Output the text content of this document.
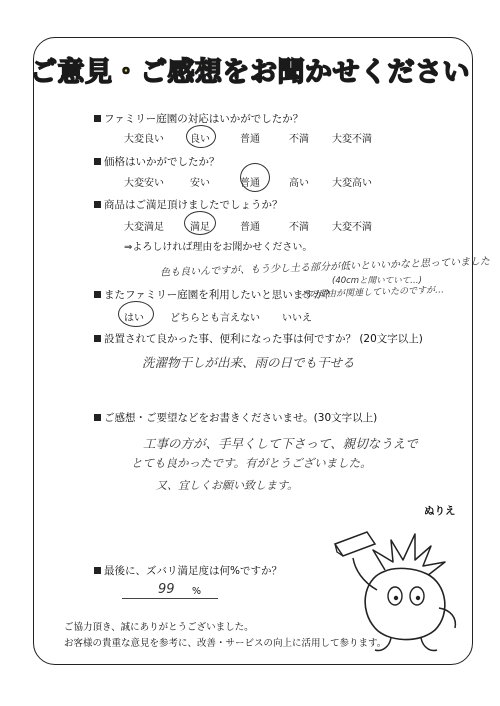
ご意見・ご感想をお聞かせください
ファミリー庭園の対応はいかがでしたか？
大変良い	良い	普通	不満 大変不満
価格はいかがでしたか？
大変安い	安い	普通	高い 大変高い
商品はご満足頂けましたでしょうか？
大変満足	満足	普通	不満 大変不満
⇒よろしければ理由をお聞かせください。
色も良いんですが、もう少し土る部分が低いといいかなと思っていました
(40cmと聞いていて…)
その理由が関連していたのですが…
またファミリー庭園を利用したいと思いますか？
はい	どちらとも言えない いいえ
設置されて良かった事、便利になった事は何ですか？ (20文字以上)
洗濯物干しが出来、雨の日でも干せる
ご感想・ご要望などをお書きくださいませ。(30文字以上)
工事の方が、手早くして下さって、親切なうえで
とても良かったです。有がとうございました。
又、宜しくお願い致します。
ぬりえ
最後に、ズバリ満足度は何%ですか？
99 %
ご協力頂き、誠にありがとうございました。
お客様の貴重な意見を参考に、改善・サービスの向上に活用して参ります。
